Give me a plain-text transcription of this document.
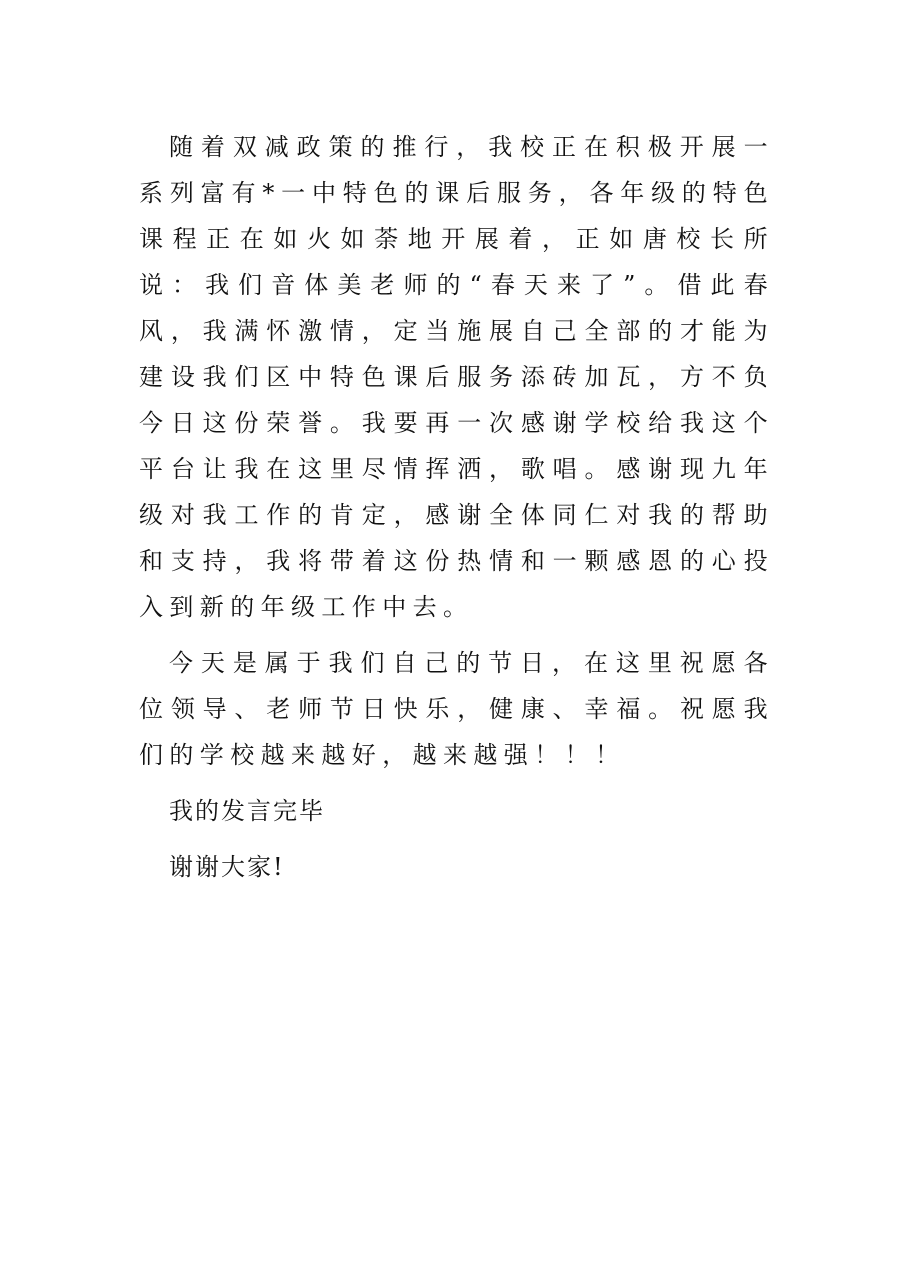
随着双减政策的推行，我校正在积极开展一系列富有*一中特色的课后服务，各年级的特色课程正在如火如荼地开展着，正如唐校长所说：我们音体美老师的“春天来了”。借此春风，我满怀激情，定当施展自己全部的才能为建设我们区中特色课后服务添砖加瓦，方不负今日这份荣誉。我要再一次感谢学校给我这个平台让我在这里尽情挥洒，歌唱。感谢现九年级对我工作的肯定，感谢全体同仁对我的帮助和支持，我将带着这份热情和一颗感恩的心投入到新的年级工作中去。

今天是属于我们自己的节日，在这里祝愿各位领导、老师节日快乐，健康、幸福。祝愿我们的学校越来越好，越来越强！！！

我的发言完毕

谢谢大家!
